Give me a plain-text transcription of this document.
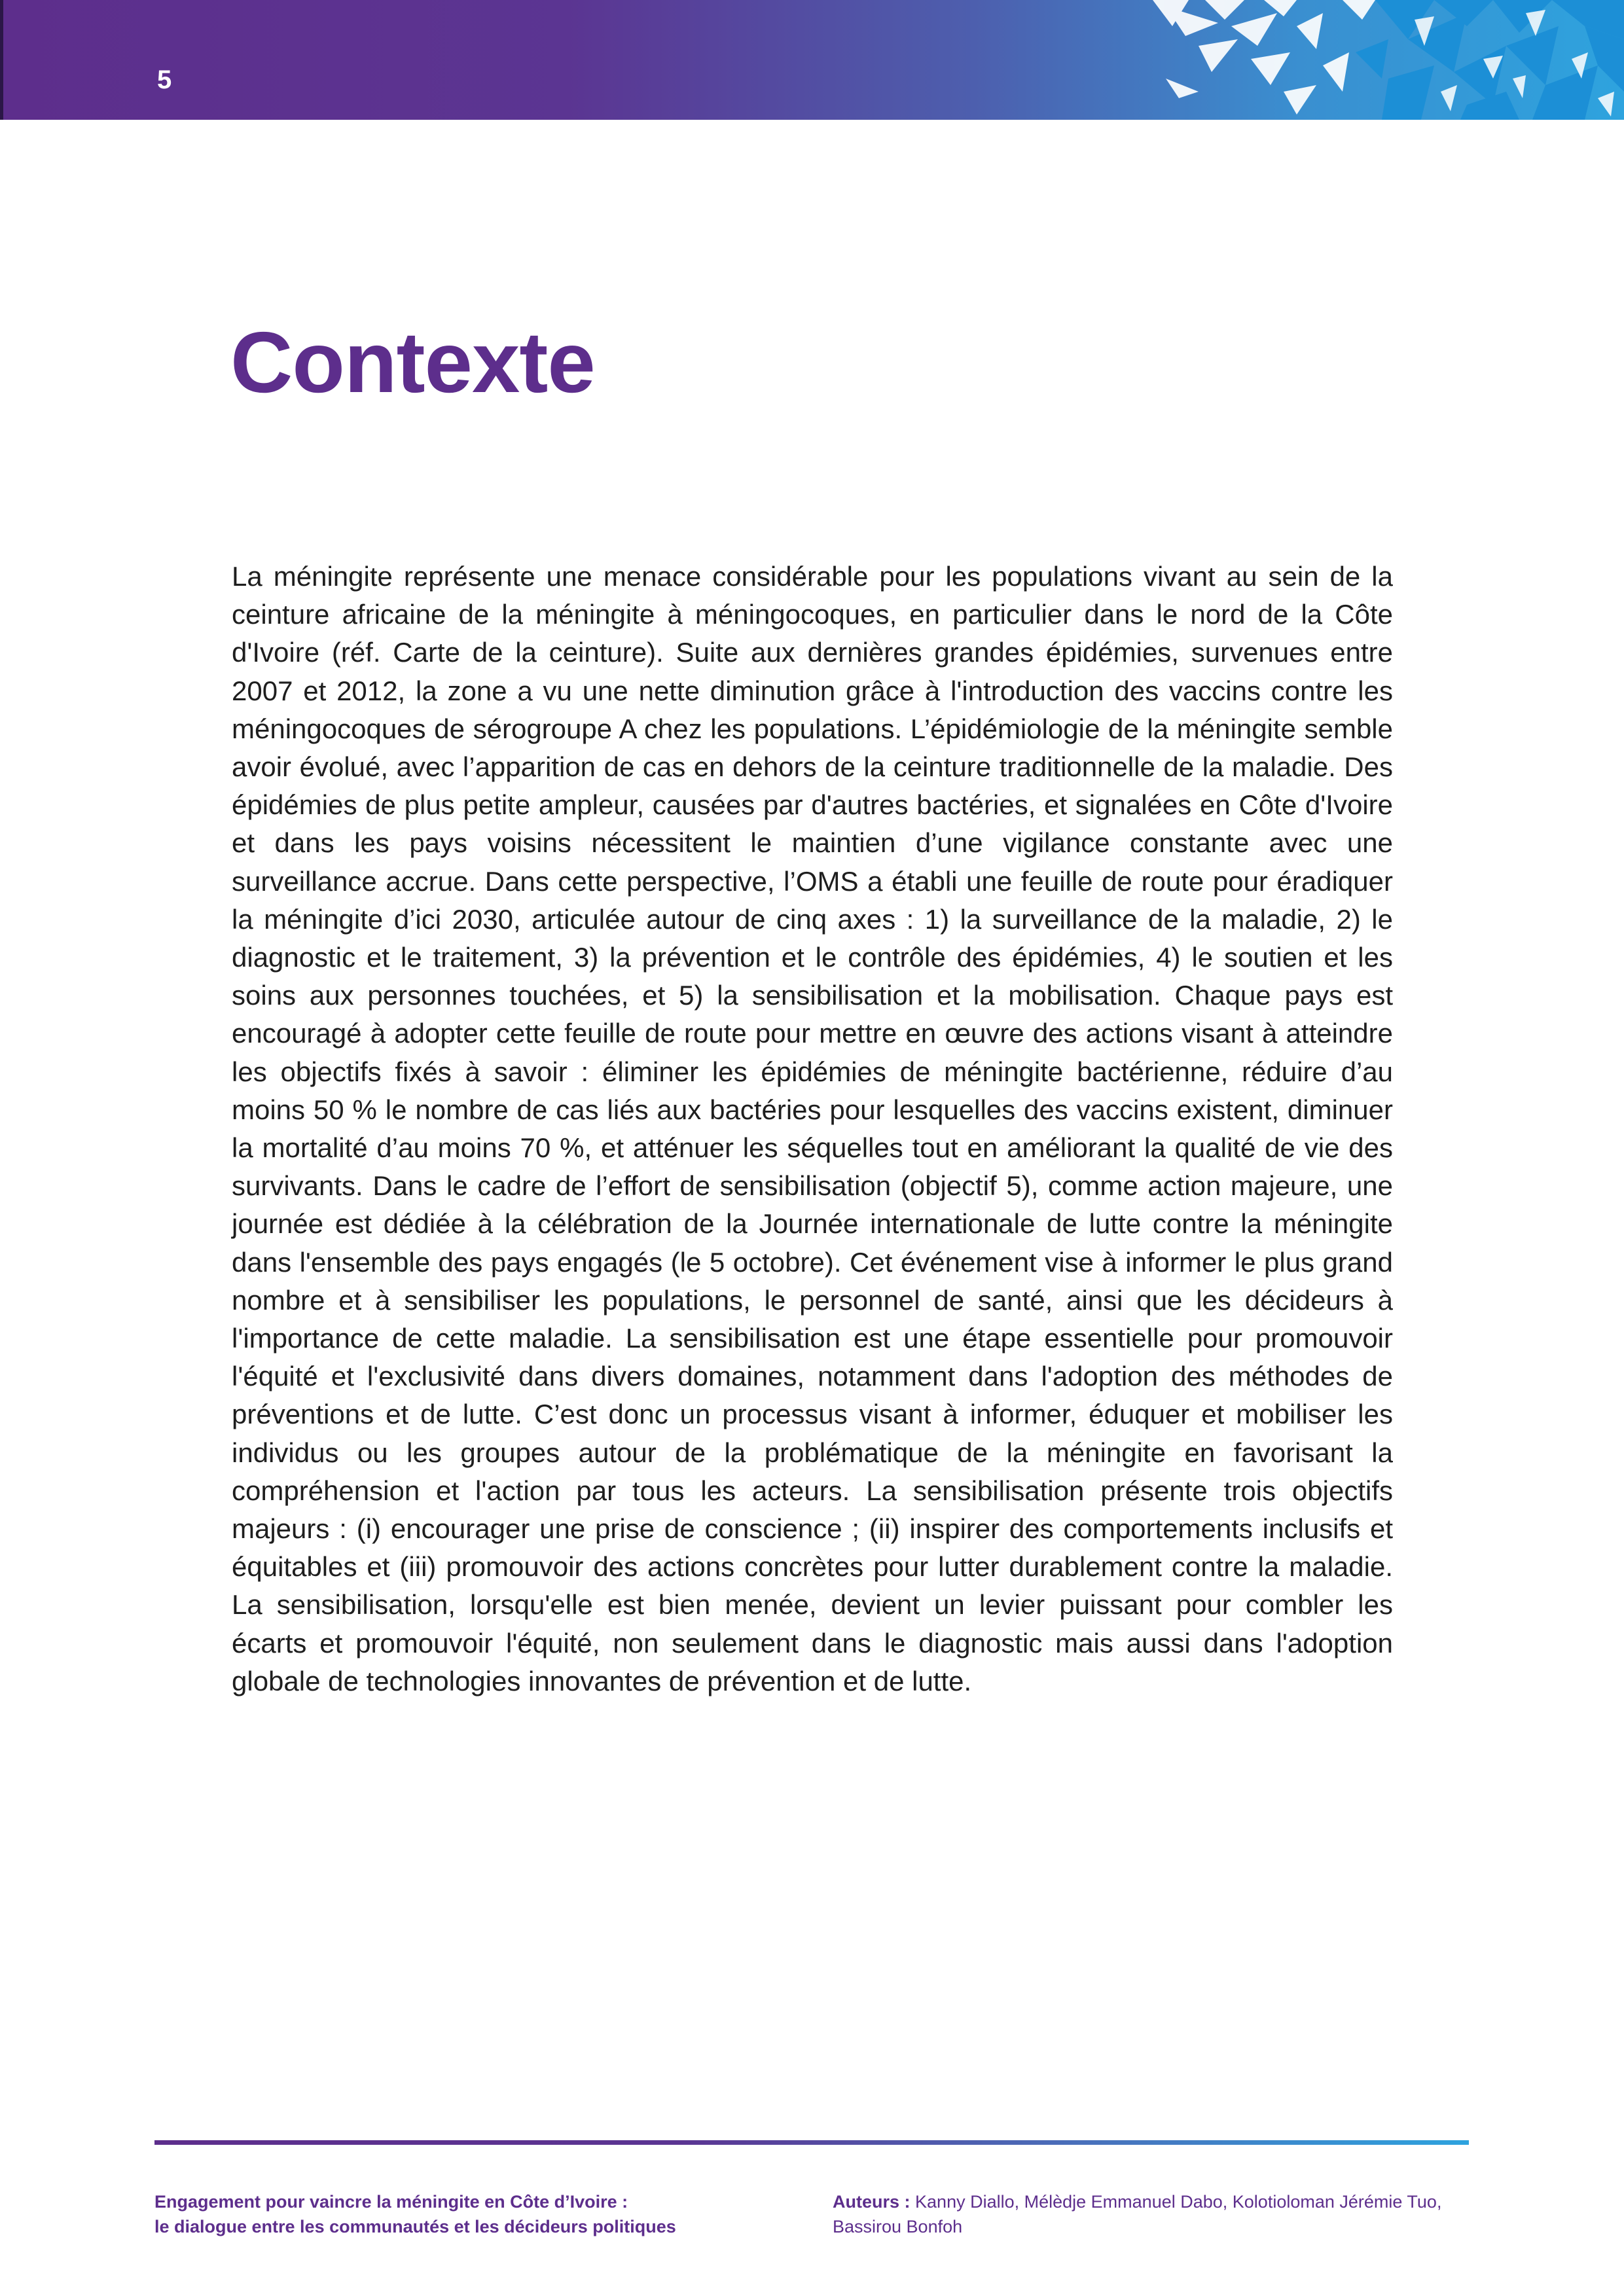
5
Contexte

La méningite représente une menace considérable pour les populations vivant au sein de la ceinture africaine de la méningite à méningocoques, en particulier dans le nord de la Côte d'Ivoire (réf. Carte de la ceinture). Suite aux dernières grandes épidémies, survenues entre 2007 et 2012, la zone a vu une nette diminution grâce à l'introduction des vaccins contre les méningocoques de sérogroupe A chez les populations. L’épidémiologie de la méningite semble avoir évolué, avec l’apparition de cas en dehors de la ceinture traditionnelle de la maladie. Des épidémies de plus petite ampleur, causées par d'autres bactéries, et signalées en Côte d'Ivoire et dans les pays voisins nécessitent le maintien d’une vigilance constante avec une surveillance accrue. Dans cette perspective, l’OMS a établi une feuille de route pour éradiquer la méningite d’ici 2030, articulée autour de cinq axes : 1) la surveillance de la maladie, 2) le diagnostic et le traitement, 3) la prévention et le contrôle des épidémies, 4) le soutien et les soins aux personnes touchées, et 5) la sensibilisation et la mobilisation. Chaque pays est encouragé à adopter cette feuille de route pour mettre en œuvre des actions visant à atteindre les objectifs fixés à savoir : éliminer les épidémies de méningite bactérienne, réduire d’au moins 50 % le nombre de cas liés aux bactéries pour lesquelles des vaccins existent, diminuer la mortalité d’au moins 70 %, et atténuer les séquelles tout en améliorant la qualité de vie des survivants. Dans le cadre de l’effort de sensibilisation (objectif 5), comme action majeure, une journée est dédiée à la célébration de la Journée internationale de lutte contre la méningite dans l'ensemble des pays engagés (le 5 octobre). Cet événement vise à informer le plus grand nombre et à sensibiliser les populations, le personnel de santé, ainsi que les décideurs à l'importance de cette maladie. La sensibilisation est une étape essentielle pour promouvoir l'équité et l'exclusivité dans divers domaines, notamment dans l'adoption des méthodes de préventions et de lutte. C’est donc un processus visant à informer, éduquer et mobiliser les individus ou les groupes autour de la problématique de la méningite en favorisant la compréhension et l'action par tous les acteurs. La sensibilisation présente trois objectifs majeurs : (i) encourager une prise de conscience ; (ii) inspirer des comportements inclusifs et équitables et (iii) promouvoir des actions concrètes pour lutter durablement contre la maladie. La sensibilisation, lorsqu'elle est bien menée, devient un levier puissant pour combler les écarts et promouvoir l'équité, non seulement dans le diagnostic mais aussi dans l'adoption globale de technologies innovantes de prévention et de lutte.

Engagement pour vaincre la méningite en Côte d’Ivoire :
le dialogue entre les communautés et les décideurs politiques
Auteurs : Kanny Diallo, Mélèdje Emmanuel Dabo, Kolotioloman Jérémie Tuo, Bassirou Bonfoh
